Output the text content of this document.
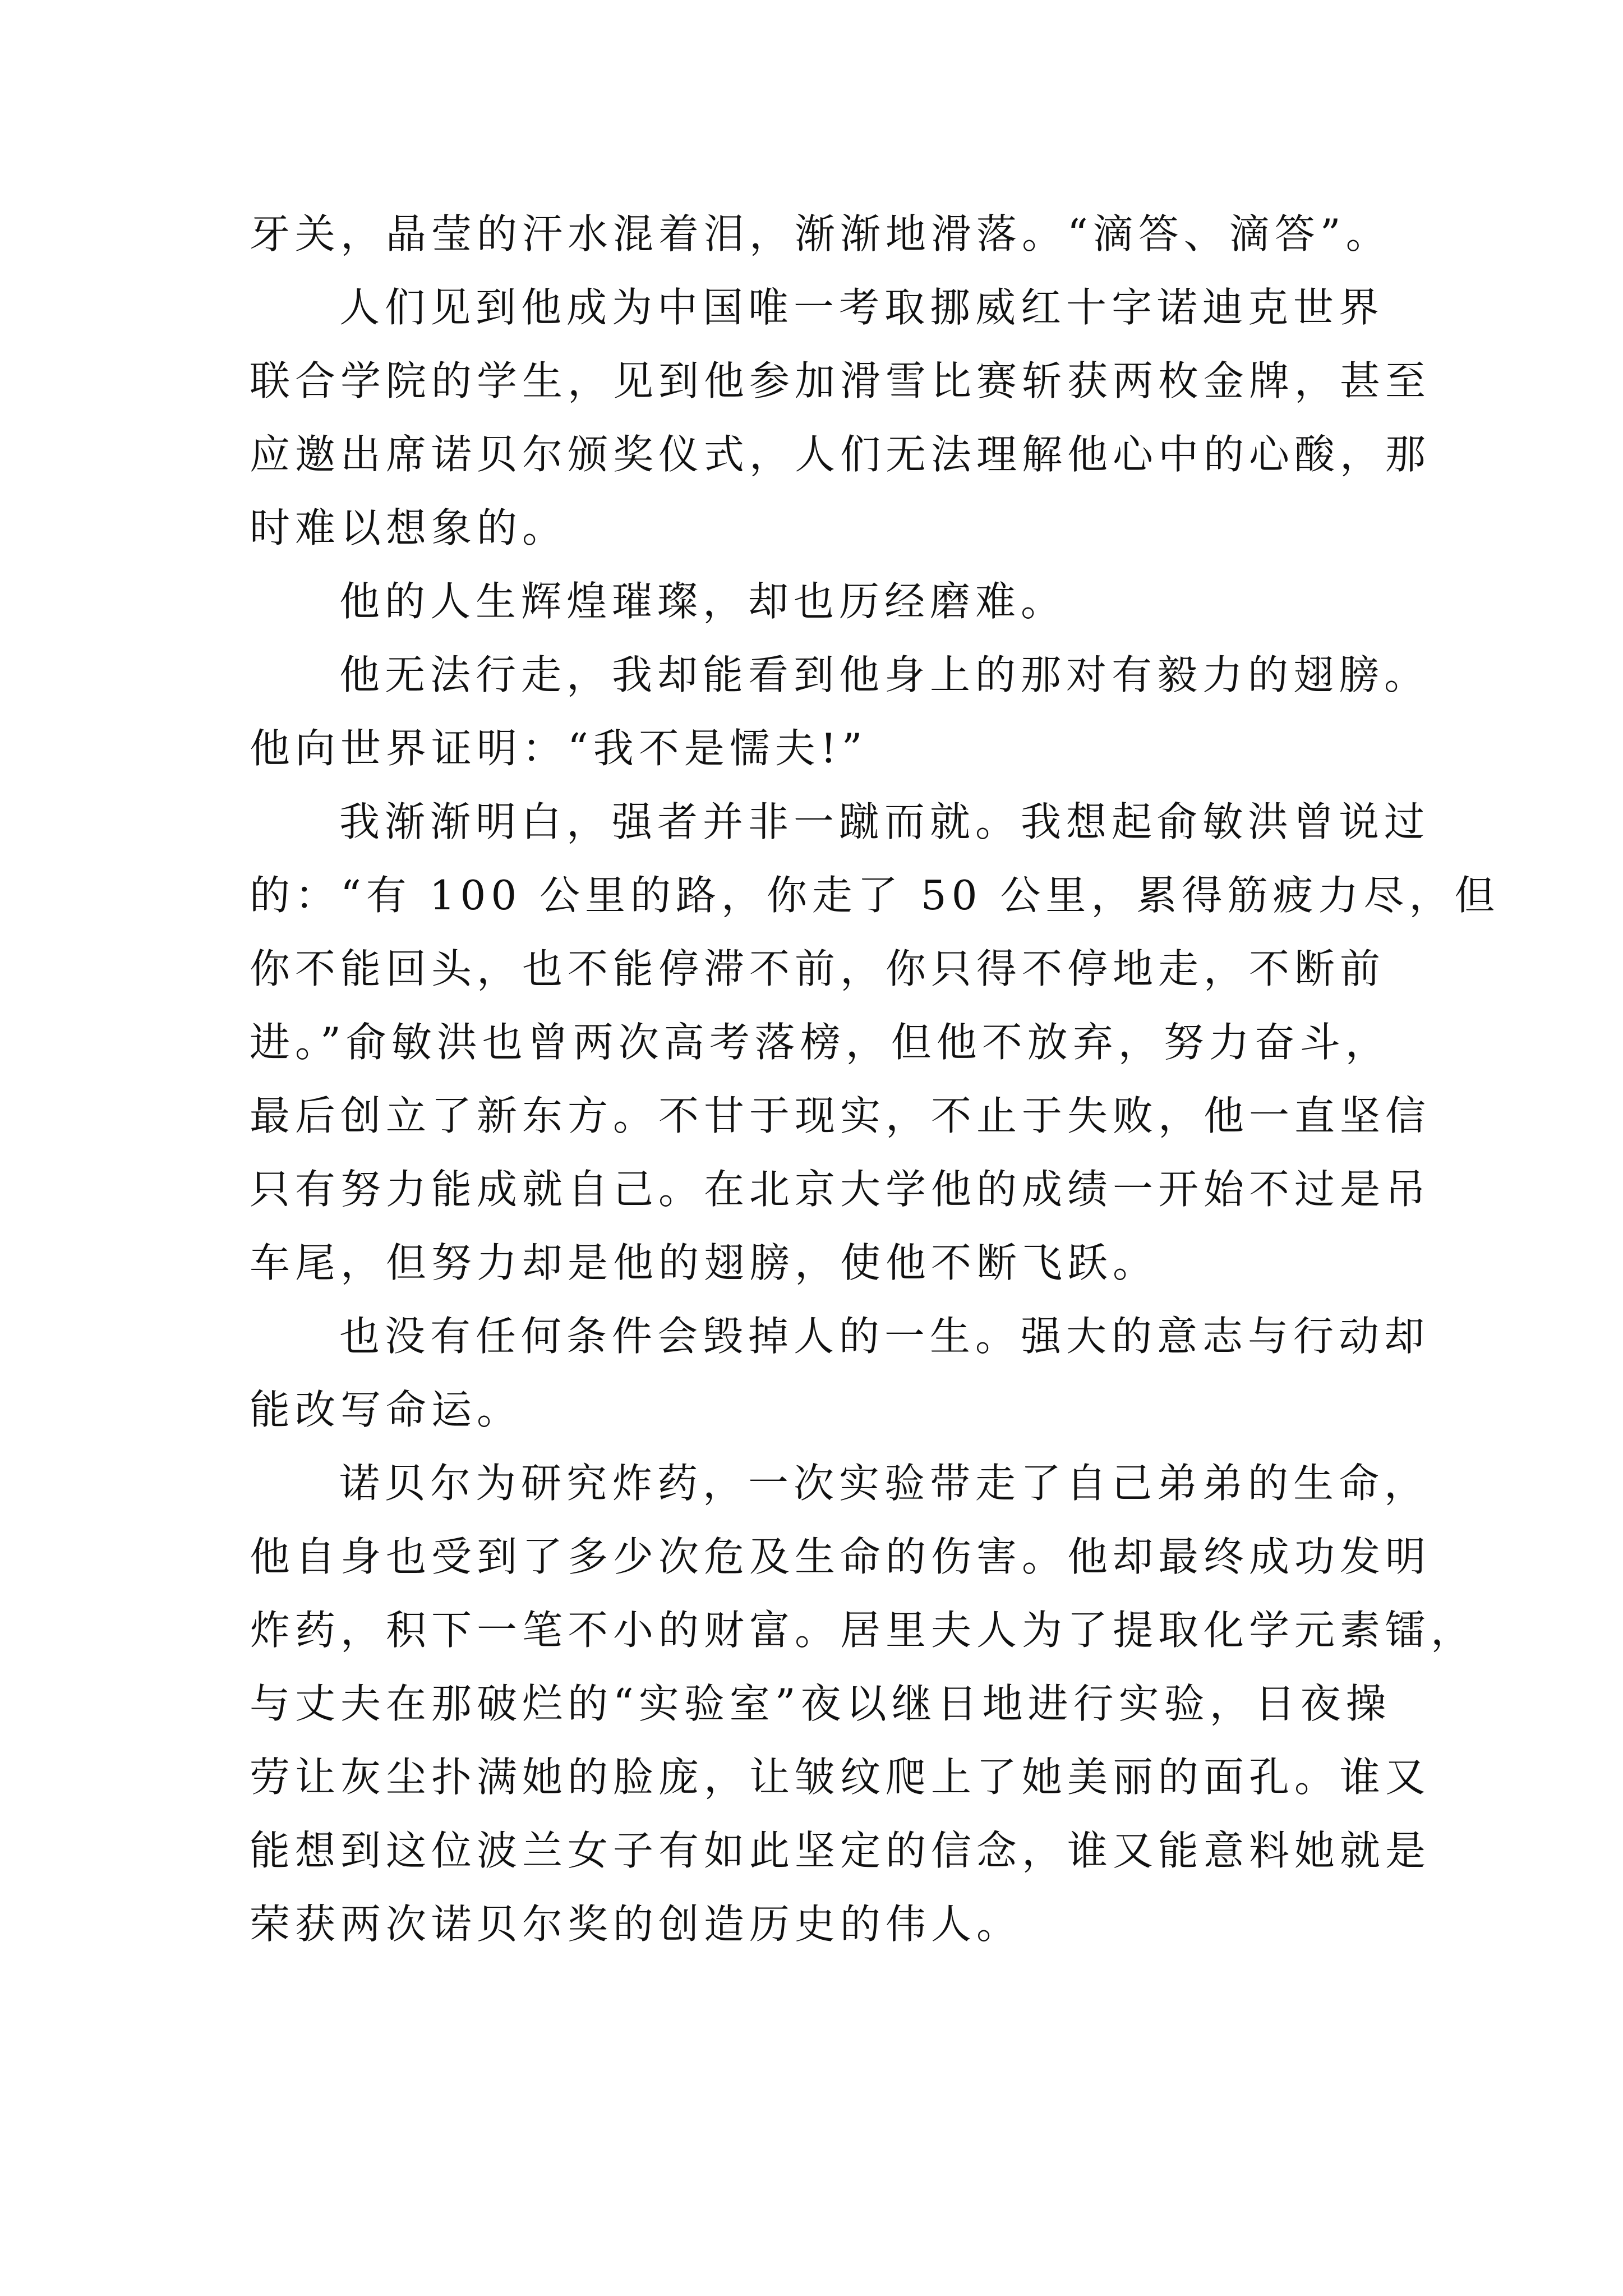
牙关，晶莹的汗水混着泪，渐渐地滑落。“滴答、滴答”。
人们见到他成为中国唯一考取挪威红十字诺迪克世界
联合学院的学生，见到他参加滑雪比赛斩获两枚金牌，甚至
应邀出席诺贝尔颁奖仪式，人们无法理解他心中的心酸，那
时难以想象的。
他的人生辉煌璀璨，却也历经磨难。
他无法行走，我却能看到他身上的那对有毅力的翅膀。
他向世界证明：“我不是懦夫!”
我渐渐明白，强者并非一蹴而就。我想起俞敏洪曾说过
的：“有 100 公里的路，你走了 50 公里，累得筋疲力尽，但
你不能回头，也不能停滞不前，你只得不停地走，不断前
进。”俞敏洪也曾两次高考落榜，但他不放弃，努力奋斗，
最后创立了新东方。不甘于现实，不止于失败，他一直坚信
只有努力能成就自己。在北京大学他的成绩一开始不过是吊
车尾，但努力却是他的翅膀，使他不断飞跃。
也没有任何条件会毁掉人的一生。强大的意志与行动却
能改写命运。
诺贝尔为研究炸药，一次实验带走了自己弟弟的生命，
他自身也受到了多少次危及生命的伤害。他却最终成功发明
炸药，积下一笔不小的财富。居里夫人为了提取化学元素镭，
与丈夫在那破烂的“实验室”夜以继日地进行实验，日夜操
劳让灰尘扑满她的脸庞，让皱纹爬上了她美丽的面孔。谁又
能想到这位波兰女子有如此坚定的信念，谁又能意料她就是
荣获两次诺贝尔奖的创造历史的伟人。
